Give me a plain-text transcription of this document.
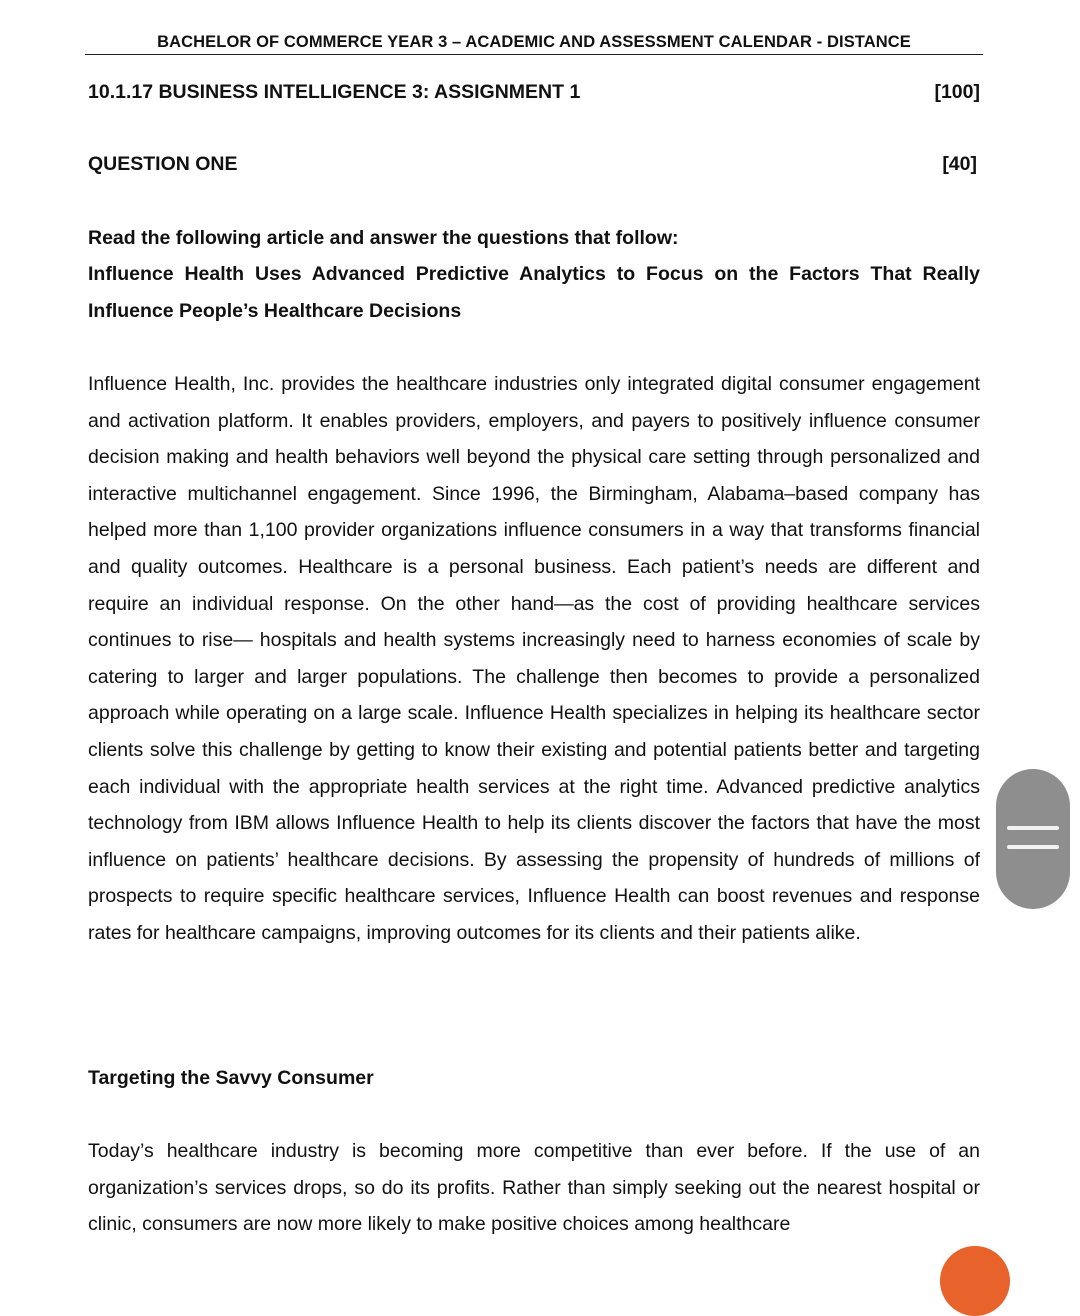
BACHELOR OF COMMERCE YEAR 3 – ACADEMIC AND ASSESSMENT CALENDAR - DISTANCE
10.1.17 BUSINESS INTELLIGENCE 3: ASSIGNMENT 1	[100]
QUESTION ONE	[40]
Read the following article and answer the questions that follow:
Influence Health Uses Advanced Predictive Analytics to Focus on the Factors That Really Influence People’s Healthcare Decisions
Influence Health, Inc. provides the healthcare industries only integrated digital consumer engagement and activation platform. It enables providers, employers, and payers to positively influence consumer decision making and health behaviors well beyond the physical care setting through personalized and interactive multichannel engagement. Since 1996, the Birmingham, Alabama–based company has helped more than 1,100 provider organizations influence consumers in a way that transforms financial and quality outcomes. Healthcare is a personal business. Each patient’s needs are different and require an individual response. On the other hand—as the cost of providing healthcare services continues to rise— hospitals and health systems increasingly need to harness economies of scale by catering to larger and larger populations. The challenge then becomes to provide a personalized approach while operating on a large scale. Influence Health specializes in helping its healthcare sector clients solve this challenge by getting to know their existing and potential patients better and targeting each individual with the appropriate health services at the right time. Advanced predictive analytics technology from IBM allows Influence Health to help its clients discover the factors that have the most influence on patients’ healthcare decisions. By assessing the propensity of hundreds of millions of prospects to require specific healthcare services, Influence Health can boost revenues and response rates for healthcare campaigns, improving outcomes for its clients and their patients alike.
Targeting the Savvy Consumer
Today’s healthcare industry is becoming more competitive than ever before. If the use of an organization’s services drops, so do its profits. Rather than simply seeking out the nearest hospital or clinic, consumers are now more likely to make positive choices among healthcare
